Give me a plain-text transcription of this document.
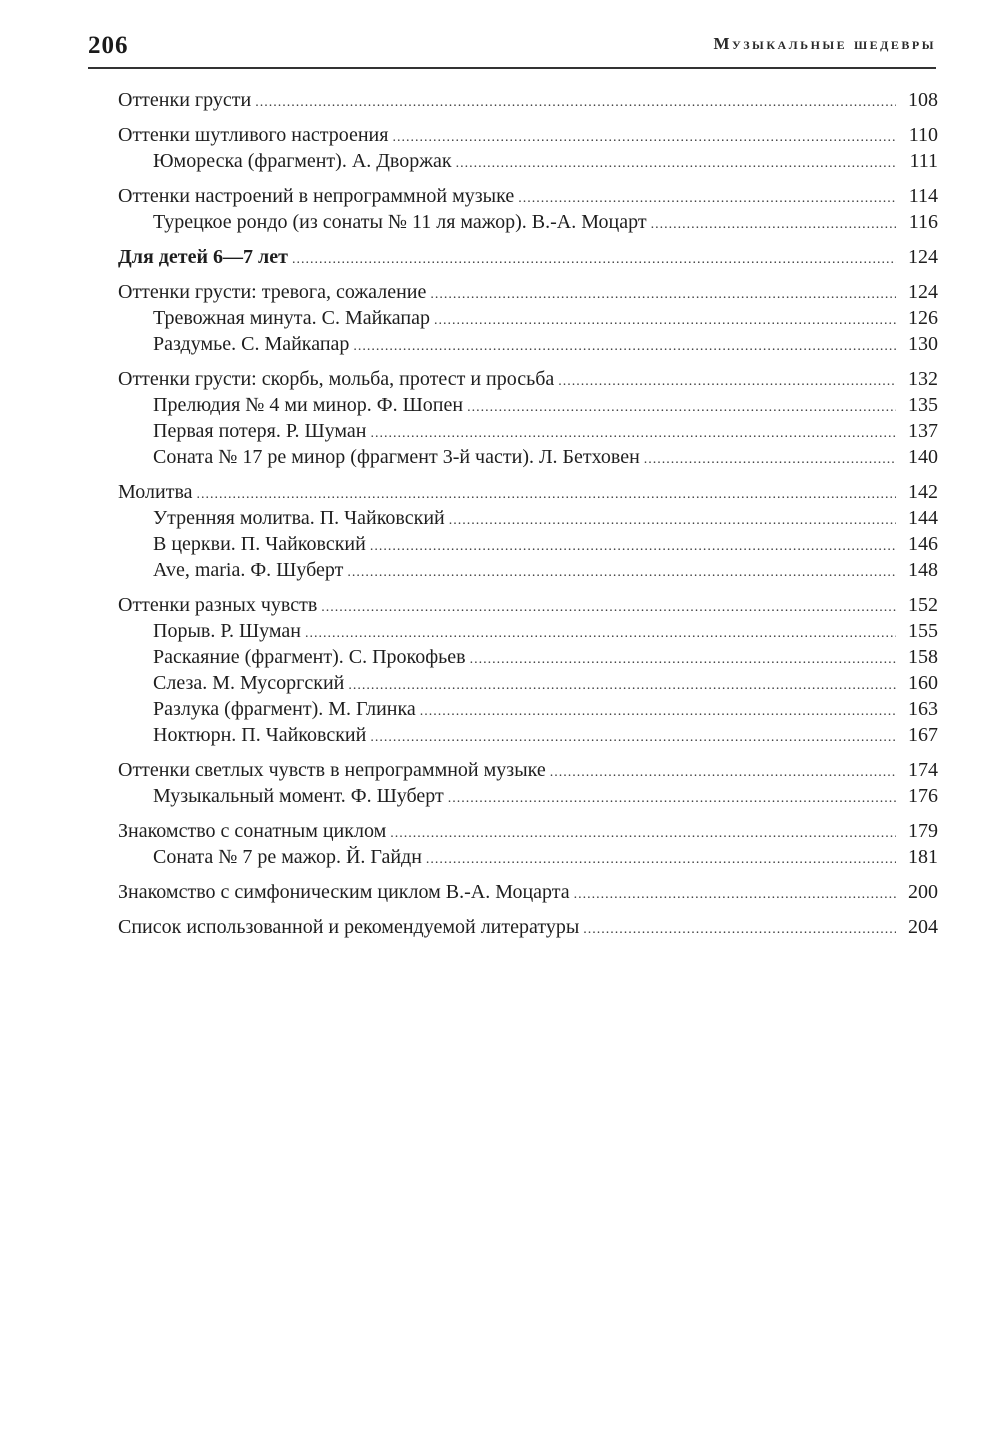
206	Музыкальные шедевры
Оттенки грусти .....	108
Оттенки шутливого настроения .....	110
Юмореска (фрагмент). А. Дворжак .....	111
Оттенки настроений в непрограммной музыке .....	114
Турецкое рондо (из сонаты № 11 ля мажор). В.-А. Моцарт .....	116
Для детей 6—7 лет .....	124
Оттенки грусти: тревога, сожаление .....	124
Тревожная минута. С. Майкапар .....	126
Раздумье. С. Майкапар .....	130
Оттенки грусти: скорбь, мольба, протест и просьба .....	132
Прелюдия № 4 ми минор. Ф. Шопен .....	135
Первая потеря. Р. Шуман .....	137
Соната № 17 ре минор (фрагмент 3-й части). Л. Бетховен .....	140
Молитва .....	142
Утренняя молитва. П. Чайковский .....	144
В церкви. П. Чайковский .....	146
Ave, maria. Ф. Шуберт .....	148
Оттенки разных чувств .....	152
Порыв. Р. Шуман .....	155
Раскаяние (фрагмент). С. Прокофьев .....	158
Слеза. М. Мусоргский .....	160
Разлука (фрагмент). М. Глинка .....	163
Ноктюрн. П. Чайковский .....	167
Оттенки светлых чувств в непрограммной музыке .....	174
Музыкальный момент. Ф. Шуберт .....	176
Знакомство с сонатным циклом .....	179
Соната № 7 ре мажор. Й. Гайдн .....	181
Знакомство с симфоническим циклом В.-А. Моцарта .....	200
Список использованной и рекомендуемой литературы .....	204
